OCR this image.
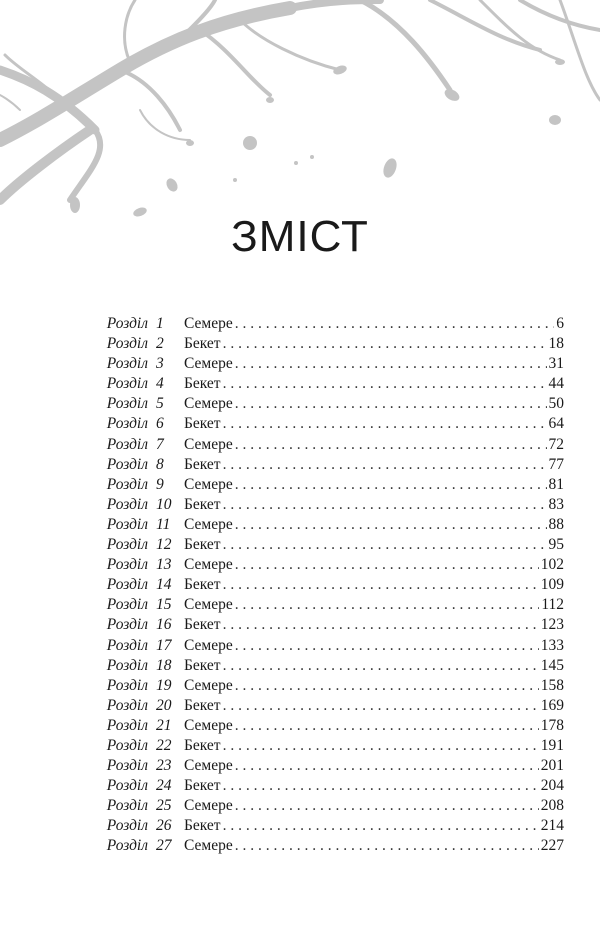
ЗМІСТ
Розділ 1	Семере . . .	6
Розділ 2	Бекет . . .	18
Розділ 3	Семере . . .	31
Розділ 4	Бекет . . .	44
Розділ 5	Семере . . .	50
Розділ 6	Бекет . . .	64
Розділ 7	Семере . . .	72
Розділ 8	Бекет . . .	77
Розділ 9	Семере . . .	81
Розділ 10 Бекет . . .	83
Розділ 11 Семере . . .	88
Розділ 12 Бекет . . .	95
Розділ 13 Семере . . .	102
Розділ 14 Бекет . . .	109
Розділ 15 Семере . . .	112
Розділ 16 Бекет . . .	123
Розділ 17 Семере . . .	133
Розділ 18 Бекет . . .	145
Розділ 19 Семере . . .	158
Розділ 20 Бекет . . .	169
Розділ 21 Семере . . .	178
Розділ 22 Бекет . . .	191
Розділ 23 Семере . . .	201
Розділ 24 Бекет . . .	204
Розділ 25 Семере . . .	208
Розділ 26 Бекет . . .	214
Розділ 27 Семере . . .	227
